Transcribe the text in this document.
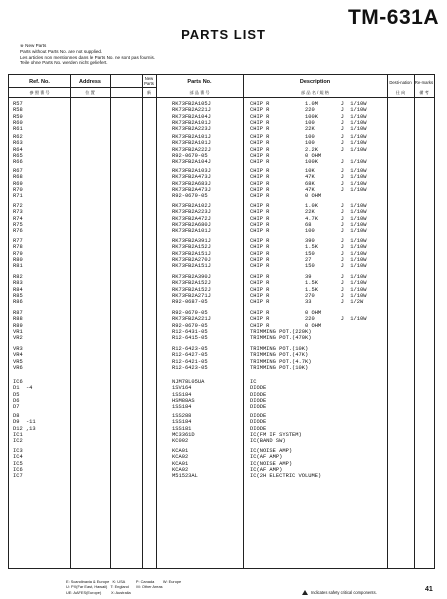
TM-631A
PARTS LIST
※ New Parts
Parts without Parts No. are not supplied.
Les articles non mentionnes dans le Parts No. ne sont pas fournis.
Teile ohne Parts No. werden nicht geliefert.
Ref. No.	Address
New Parts	Parts No.	Description	Desti-nation Re-marks
参 照 番 号	位 置	新	部 品 番 号	部 品 名 / 規 格	仕 向	備 考
R57	RK73FB2A105J	CHIP R           1.0M       J  1/10W
R58	RK73FB2A221J	CHIP R           220        J  1/10W
R59	RK73FB2A104J	CHIP R           100K       J  1/10W
R60	RK73FB2A101J	CHIP R           100        J  1/10W
R61	RK73FB2A223J	CHIP R           22K        J  1/10W
R62	RK73FB2A101J	CHIP R           100        J  1/10W
R63	RK73FB2A101J	CHIP R           100        J  1/10W
R64	RK73FB2A222J	CHIP R           2.2K       J  1/10W
R65	R92-0679-05	CHIP R           0 OHM
R66	RK73FB2A104J	CHIP R           100K       J  1/10W
R67	RK73FB2A103J	CHIP R           10K        J  1/10W
R68	RK73FB2A473J	CHIP R           47K        J  1/10W
R69	RK73FB2A683J	CHIP R           68K        J  1/10W
R70	RK73FB2A473J	CHIP R           47K        J  1/10W
R71	R92-0679-05	CHIP R           0 OHM
R72	RK73FB2A102J	CHIP R           1.0K       J  1/10W
R73	RK73FB2A223J	CHIP R           22K        J  1/10W
R74	RK73FB2A472J	CHIP R           4.7K       J  1/10W
R75	RK73FB2A680J	CHIP R           68         J  1/10W
R76	RK73FB2A101J	CHIP R           100        J  1/10W
R77	RK73FB2A391J	CHIP R           390        J  1/10W
R78	RK73FB2A152J	CHIP R           1.5K       J  1/10W
R79	RK73FB2A151J	CHIP R           150        J  1/10W
R80	RK73FB2A270J	CHIP R           27         J  1/10W
R81	RK73FB2A151J	CHIP R           150        J  1/10W
R82	RK73FB2A390J	CHIP R           39         J  1/10W
R83	RK73FB2A152J	CHIP R           1.5K       J  1/10W
R84	RK73FB2A152J	CHIP R           1.5K       J  1/10W
R85	RK73FB2A271J	CHIP R           270        J  1/10W
R86	R92-0687-05	CHIP R           33         J  1/2W
R87	R92-0679-05	CHIP R           0 OHM
R88	RK73FB2A221J	CHIP R           220        J  1/10W
R89	R92-0679-05	CHIP R           0 OHM
VR1	R12-6431-05	TRIMMING POT.(220K)
VR2	R12-6415-05	TRIMMING POT.(470K)
VR3	R12-6423-05	TRIMMING POT.(10K)
VR4	R12-6427-05	TRIMMING POT.(47K)
VR5	R12-6421-05	TRIMMING POT.(4.7K)
VR6	R12-6423-05	TRIMMING POT.(10K)
IC6	NJM78L05UA	IC
D1  -4	1SV164	DIODE
D5	1SS184	DIODE
D6	HSM88AS	DIODE
D7	1SS184	DIODE
D8	1SS288	DIODE
D9  -11	1SS184	DIODE
D12 ,13	1SS181	DIODE
IC1	MC3361D	IC(FM IF SYSTEM)
IC2	KC002	IC(BAND SW)
IC3	KCA01	IC(NOISE AMP)
IC4	KCA02	IC(AF AMP)
IC5	KCA01	IC(NOISE AMP)
IC6	KCA02	IC(AF AMP)
IC7	M51523AL	IC(2H ELECTRIC VOLUME)
E: Scandinavia & Europe   K: USA          P: Canada        W: Europe
U: PX(Far East, Hawaii)   T: England       M: Other Areas
UE: AAFES(Europe)         X: Australia	Indicates safety critical components.	41
